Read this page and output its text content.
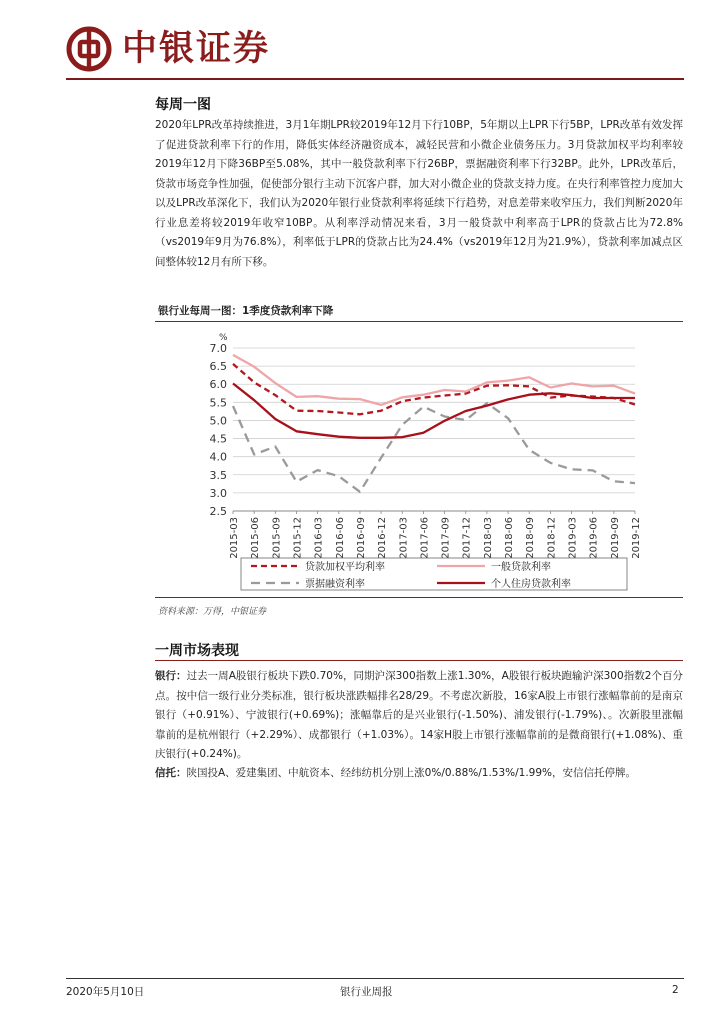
中银证券
每周一图

2020年LPR改革持续推进，3月1年期LPR较2019年12月下行10BP，5年期以上LPR下行5BP，LPR改革有效发挥了促进贷款利率下行的作用，降低实体经济融资成本，减轻民营和小微企业债务压力。3月贷款加权平均利率较2019年12月下降36BP至5.08%，其中一般贷款利率下行26BP，票据融资利率下行32BP。此外，LPR改革后，贷款市场竞争性加强，促使部分银行主动下沉客户群，加大对小微企业的贷款支持力度。在央行利率管控力度加大以及LPR改革深化下，我们认为2020年银行业贷款利率将延续下行趋势，对息差带来收窄压力，我们判断2020年行业息差将较2019年收窄10BP。从利率浮动情况来看，3月一般贷款中利率高于LPR的贷款占比为72.8%（vs2019年9月为76.8%），利率低于LPR的贷款占比为24.4%（vs2019年12月为21.9%），贷款利率加减点区间整体较12月有所下移。

银行业每周一图：1季度贷款利率下降
%
7.0
6.5
6.0
5.5
5.0
4.5
4.0
3.5
3.0
2.5
2015-03 2015-06 2015-09 2015-12 2016-03 2016-06 2016-09 2016-12 2017-03 2017-06 2017-09 2017-12 2018-03 2018-06 2018-09 2018-12 2019-03 2019-06 2019-09 2019-12
贷款加权平均利率	一般贷款利率
票据融资利率	个人住房贷款利率
资料来源：万得，中银证券
一周市场表现

银行：过去一周A股银行板块下跌0.70%，同期沪深300指数上涨1.30%，A股银行板块跑输沪深300指数2个百分点。按中信一级行业分类标准，银行板块涨跌幅排名28/29。不考虑次新股，16家A股上市银行涨幅靠前的是南京银行（+0.91%）、宁波银行(+0.69%)；涨幅靠后的是兴业银行(-1.50%)、浦发银行(-1.79%)、。次新股里涨幅靠前的是杭州银行（+2.29%）、成都银行（+1.03%）。14家H股上市银行涨幅靠前的是微商银行(+1.08%)、重庆银行(+0.24%)。

信托：陕国投A、爱建集团、中航资本、经纬纺机分别上涨0%/0.88%/1.53%/1.99%，安信信托停牌。

2020年5月10日	银行业周报	2
